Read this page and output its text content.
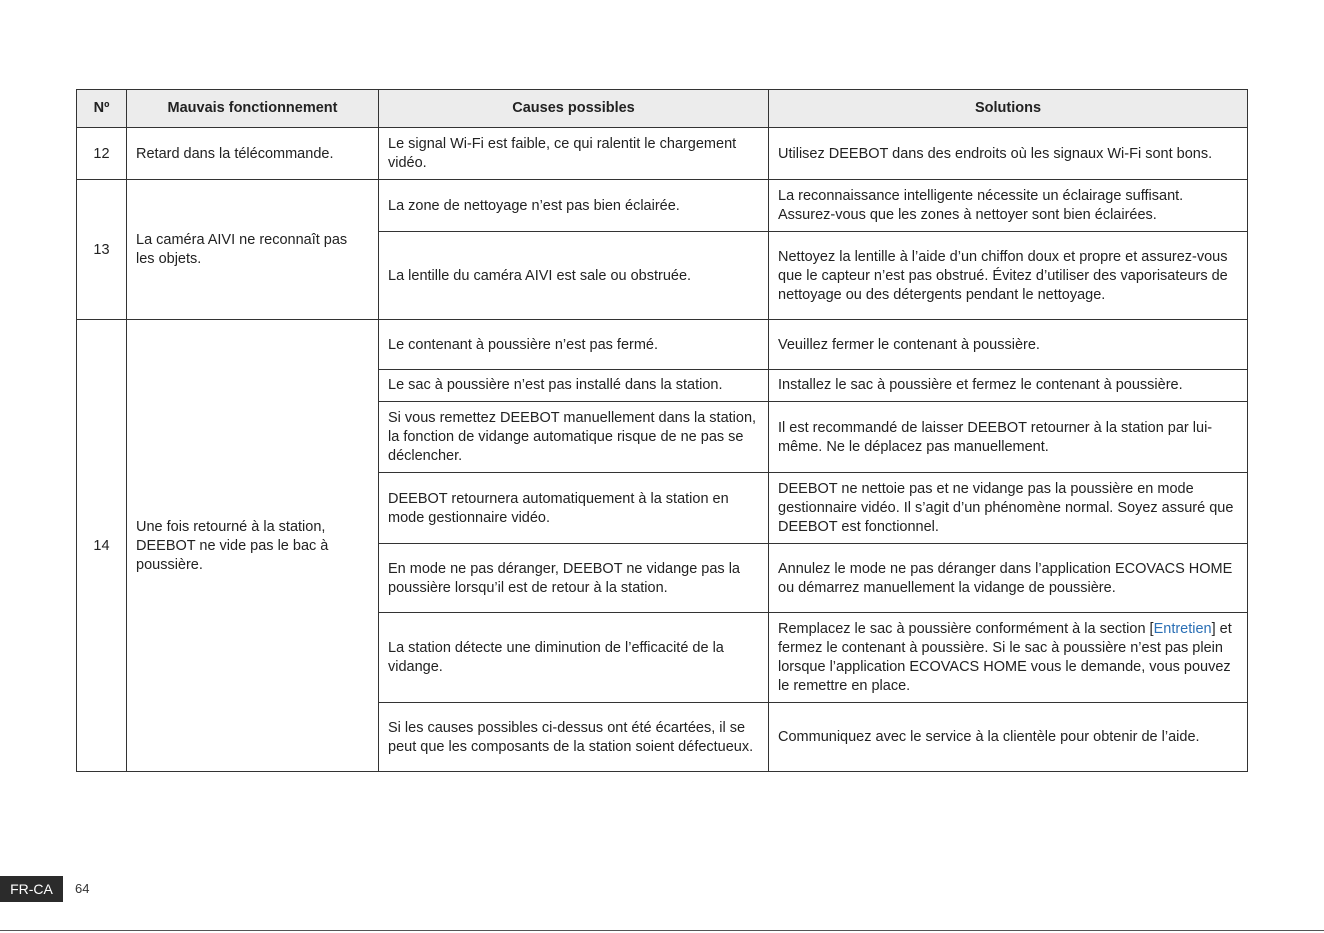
Nº	Mauvais fonctionnement	Causes possibles	Solutions
12	Retard dans la télécommande.	Le signal Wi-Fi est faible, ce qui ralentit le chargement vidéo.	Utilisez DEEBOT dans des endroits où les signaux Wi-Fi sont bons.
13	La caméra AIVI ne reconnaît pas les objets.	La zone de nettoyage n’est pas bien éclairée.	La reconnaissance intelligente nécessite un éclairage suffisant. Assurez-vous que les zones à nettoyer sont bien éclairées.
		La lentille du caméra AIVI est sale ou obstruée.	Nettoyez la lentille à l’aide d’un chiffon doux et propre et assurez-vous que le capteur n’est pas obstrué. Évitez d’utiliser des vaporisateurs de nettoyage ou des détergents pendant le nettoyage.
14	Une fois retourné à la station, DEEBOT ne vide pas le bac à poussière.	Le contenant à poussière n’est pas fermé.	Veuillez fermer le contenant à poussière.
		Le sac à poussière n’est pas installé dans la station.	Installez le sac à poussière et fermez le contenant à poussière.
		Si vous remettez DEEBOT manuellement dans la station, la fonction de vidange automatique risque de ne pas se déclencher.	Il est recommandé de laisser DEEBOT retourner à la station par lui-même. Ne le déplacez pas manuellement.
		DEEBOT retournera automatiquement à la station en mode gestionnaire vidéo.	DEEBOT ne nettoie pas et ne vidange pas la poussière en mode gestionnaire vidéo. Il s’agit d’un phénomène normal. Soyez assuré que DEEBOT est fonctionnel.
		En mode ne pas déranger, DEEBOT ne vidange pas la poussière lorsqu’il est de retour à la station.	Annulez le mode ne pas déranger dans l’application ECOVACS HOME ou démarrez manuellement la vidange de poussière.
		La station détecte une diminution de l’efficacité de la vidange.	Remplacez le sac à poussière conformément à la section [Entretien] et fermez le contenant à poussière. Si le sac à poussière n’est pas plein lorsque l’application ECOVACS HOME vous le demande, vous pouvez le remettre en place.
		Si les causes possibles ci-dessus ont été écartées, il se peut que les composants de la station soient défectueux.	Communiquez avec le service à la clientèle pour obtenir de l’aide.
FR-CA	64
